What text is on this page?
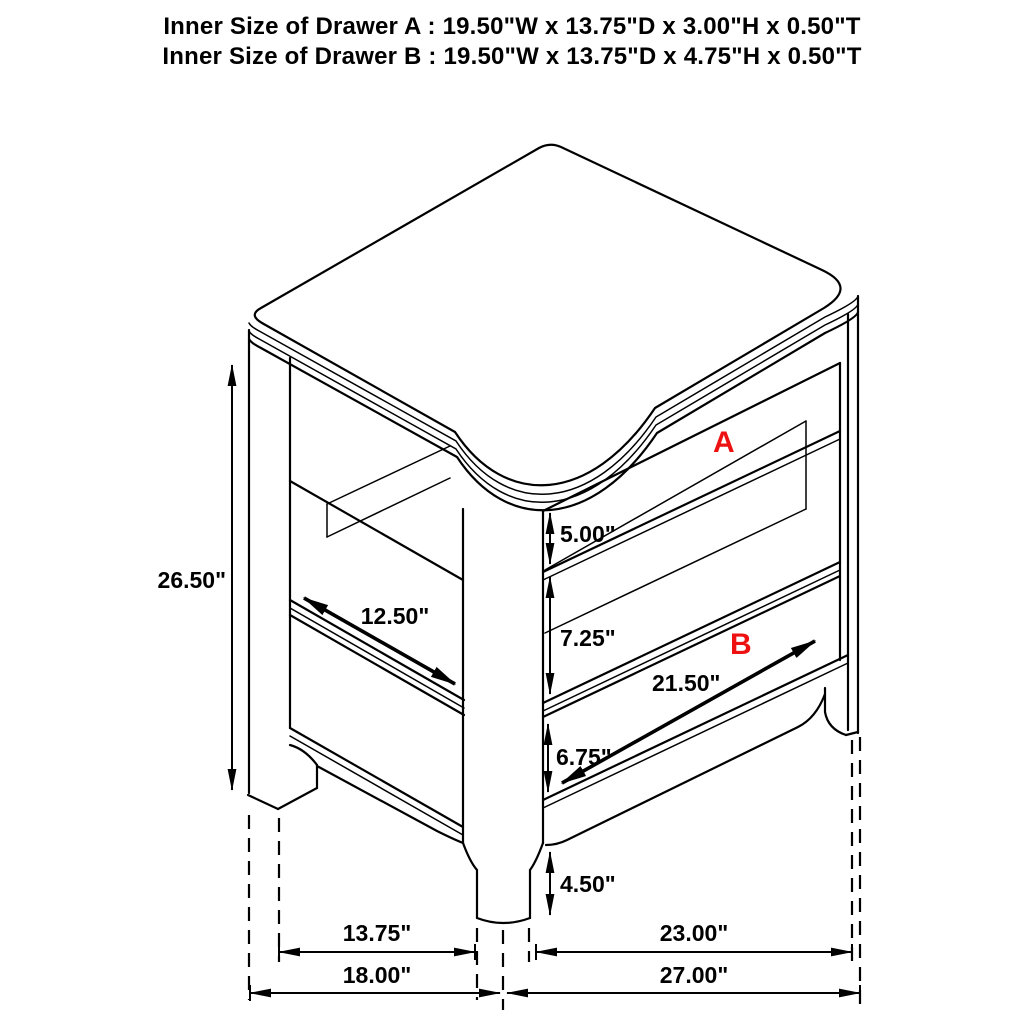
Inner Size of Drawer A : 19.50"W x 13.75"D x 3.00"H x 0.50"T
Inner Size of Drawer B : 19.50"W x 13.75"D x 4.75"H x 0.50"T
26.50"
12.50"
5.00"
7.25"
6.75"
4.50"
21.50"
13.75"
18.00"
23.00"
27.00"
A
B
